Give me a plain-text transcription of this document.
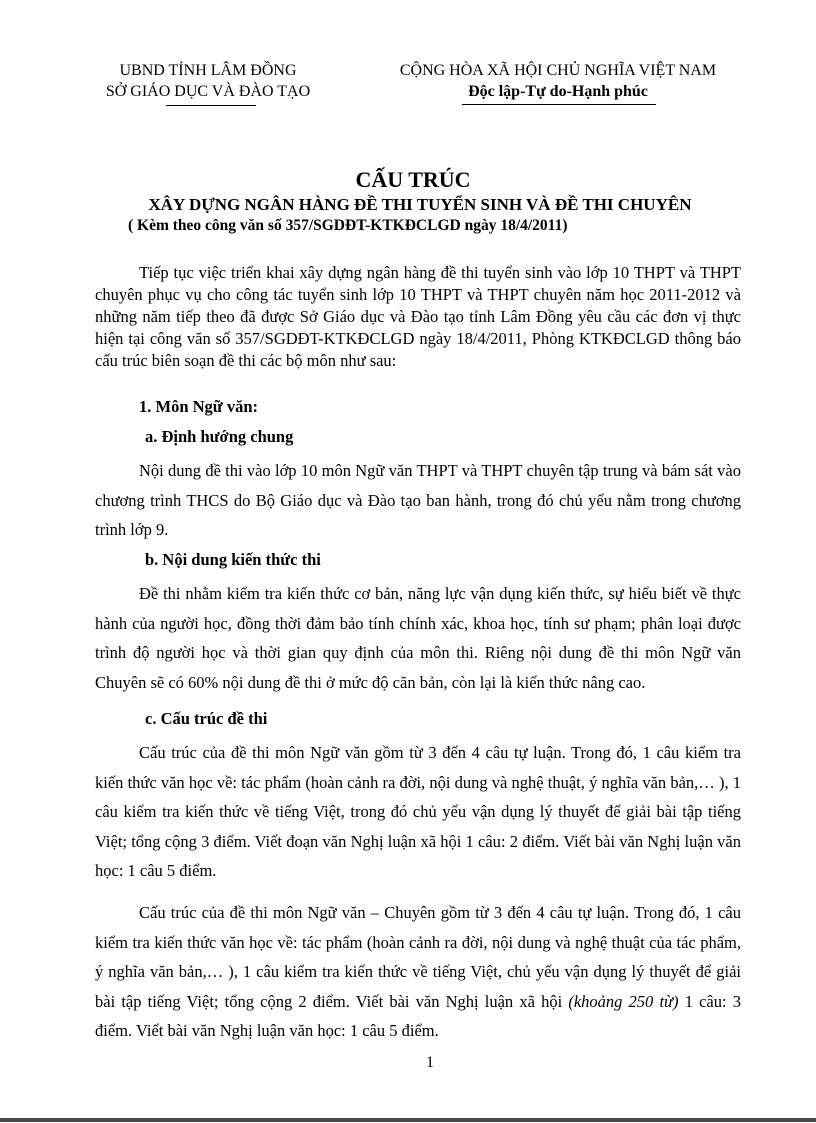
UBND TỈNH LÂM ĐỒNG
SỞ GIÁO DỤC VÀ ĐÀO TẠO
CỘNG HÒA XÃ HỘI CHỦ NGHĨA VIỆT NAM
Độc lập-Tự do-Hạnh phúc
CẤU TRÚC
XÂY DỰNG NGÂN HÀNG ĐỀ THI TUYỂN SINH VÀ ĐỀ THI CHUYÊN
( Kèm theo công văn số 357/SGDĐT-KTKĐCLGD ngày 18/4/2011)
Tiếp tục việc triển khai xây dựng ngân hàng đề thi tuyển sinh vào lớp 10 THPT và THPT chuyên phục vụ cho công tác tuyển sinh lớp 10 THPT và THPT chuyên năm học 2011-2012 và những năm tiếp theo đã được Sở Giáo dục và Đào tạo tỉnh Lâm Đồng yêu cầu các đơn vị thực hiện tại công văn số 357/SGDĐT-KTKĐCLGD ngày 18/4/2011, Phòng KTKĐCLGD thông báo cấu trúc biên soạn đề thi các bộ môn như sau:
1. Môn Ngữ văn:
a. Định hướng chung
Nội dung đề thi vào lớp 10 môn Ngữ văn THPT và THPT chuyên tập trung và bám sát vào chương trình THCS do Bộ Giáo dục và Đào tạo ban hành, trong đó chủ yếu nằm trong chương trình lớp 9.
b. Nội dung kiến thức thi
Đề thi nhằm kiểm tra kiến thức cơ bản, năng lực vận dụng kiến thức, sự hiểu biết về thực hành của người học, đồng thời đảm bảo tính chính xác, khoa học, tính sư phạm; phân loại được trình độ người học và thời gian quy định của môn thi. Riêng nội dung đề thi môn Ngữ văn Chuyên sẽ có 60% nội dung đề thi ở mức độ căn bản, còn lại là kiến thức nâng cao.
c. Cấu trúc đề thi
Cấu trúc của đề thi môn Ngữ văn gồm từ 3 đến 4 câu tự luận. Trong đó, 1 câu kiểm tra kiến thức văn học về: tác phẩm (hoàn cảnh ra đời, nội dung và nghệ thuật, ý nghĩa văn bản,… ), 1 câu kiểm tra kiến thức về tiếng Việt, trong đó chủ yếu vận dụng lý thuyết để giải bài tập tiếng Việt; tổng cộng 3 điểm. Viết đoạn văn Nghị luận xã hội 1 câu: 2 điểm. Viết bài văn Nghị luận văn học: 1 câu 5 điểm.
Cấu trúc của đề thi môn Ngữ văn – Chuyên gồm từ 3 đến 4 câu tự luận. Trong đó, 1 câu kiểm tra kiến thức văn học về: tác phẩm (hoàn cảnh ra đời, nội dung và nghệ thuật của tác phẩm, ý nghĩa văn bản,… ), 1 câu kiểm tra kiến thức về tiếng Việt, chủ yếu vận dụng lý thuyết để giải bài tập tiếng Việt; tổng cộng 2 điểm. Viết bài văn Nghị luận xã hội (khoảng 250 từ) 1 câu: 3 điểm. Viết bài văn Nghị luận văn học: 1 câu 5 điểm.
1
